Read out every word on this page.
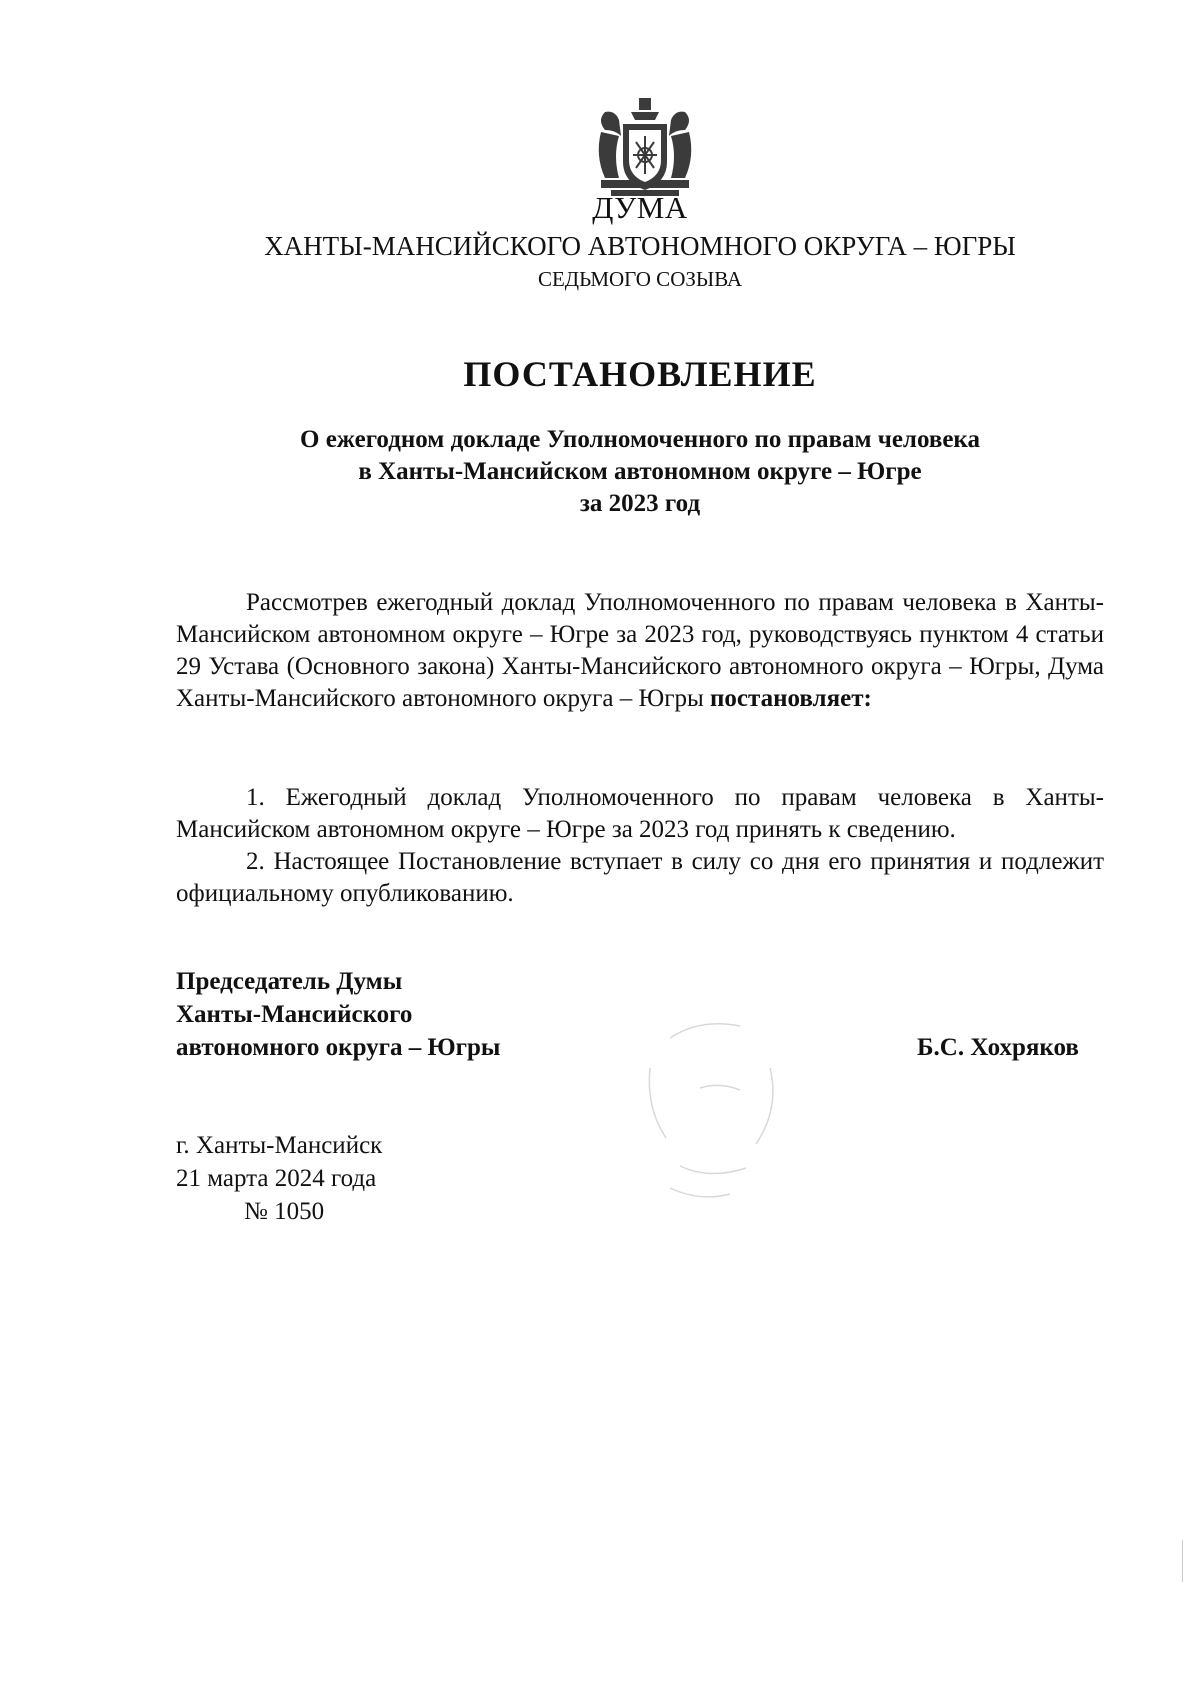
ДУМА
ХАНТЫ-МАНСИЙСКОГО АВТОНОМНОГО ОКРУГА – ЮГРЫ
СЕДЬМОГО СОЗЫВА
ПОСТАНОВЛЕНИЕ
О ежегодном докладе Уполномоченного по правам человека
в Ханты-Мансийском автономном округе – Югре
за 2023 год

Рассмотрев ежегодный доклад Уполномоченного по правам человека в Ханты-Мансийском автономном округе – Югре за 2023 год, руководствуясь пунктом 4 статьи 29 Устава (Основного закона) Ханты-Мансийского автономного округа – Югры, Дума Ханты-Мансийского автономного округа – Югры постановляет:

1. Ежегодный доклад Уполномоченного по правам человека в Ханты-Мансийском автономном округе – Югре за 2023 год принять к сведению.

2. Настоящее Постановление вступает в силу со дня его принятия и подлежит официальному опубликованию.

Председатель Думы
Ханты-Мансийского
автономного округа – Югры	Б.С. Хохряков
г. Ханты-Мансийск
21 марта 2024 года
№ 1050
